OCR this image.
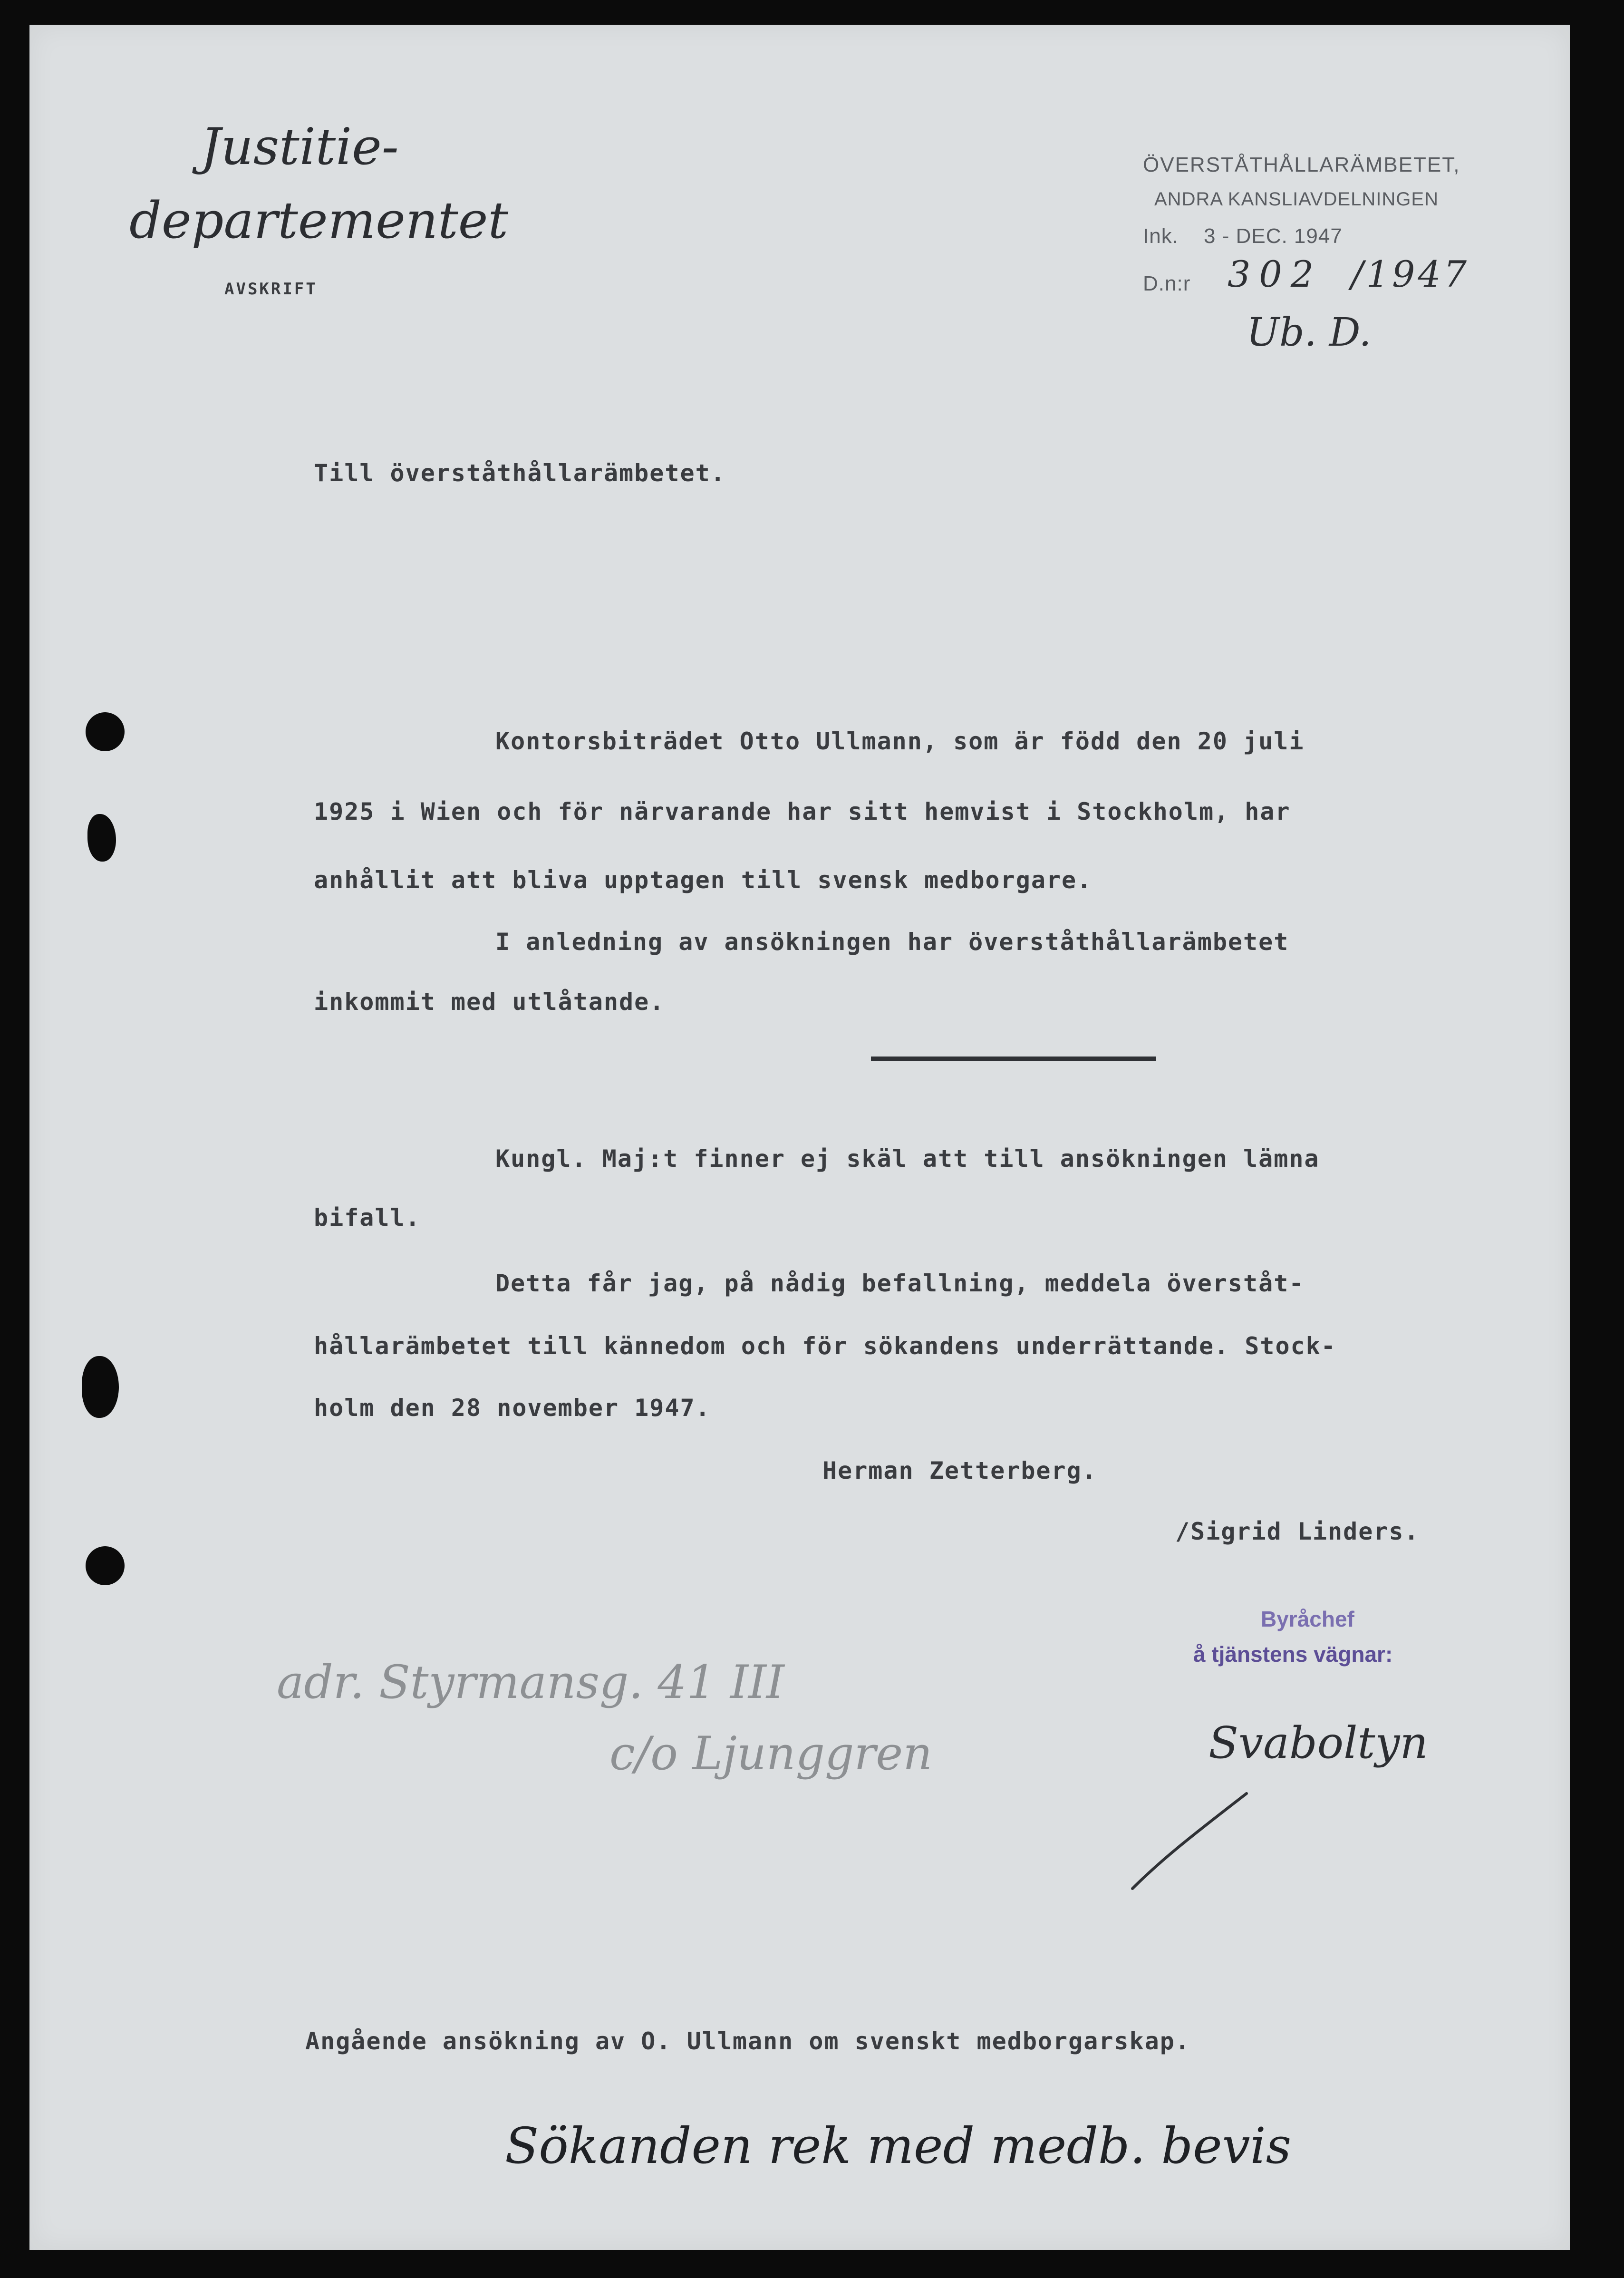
Justitie-
departementet
AVSKRIFT
ÖVERSTÅTHÅLLARÄMBETET,
ANDRA KANSLIAVDELNINGEN
Ink. 3 - DEC. 1947
D.n:r 302 /1947
Ub. D.
Till överståthållarämbetet.
Kontorsbiträdet Otto Ullmann, som är född den 20 juli
1925 i Wien och för närvarande har sitt hemvist i Stockholm, har
anhållit att bliva upptagen till svensk medborgare.
I anledning av ansökningen har överståthållarämbetet
inkommit med utlåtande.
Kungl. Maj:t finner ej skäl att till ansökningen lämna
bifall.
Detta får jag, på nådig befallning, meddela överståt-
hållarämbetet till kännedom och för sökandens underrättande. Stock-
holm den 28 november 1947.
Herman Zetterberg.
/Sigrid Linders.
adr. Styrmansg. 41 III
c/o Ljunggren
Byråchef
å tjänstens vägnar:
Svaboltyn
Angående ansökning av O. Ullmann om svenskt medborgarskap.
Sökanden rek med medb. bevis
